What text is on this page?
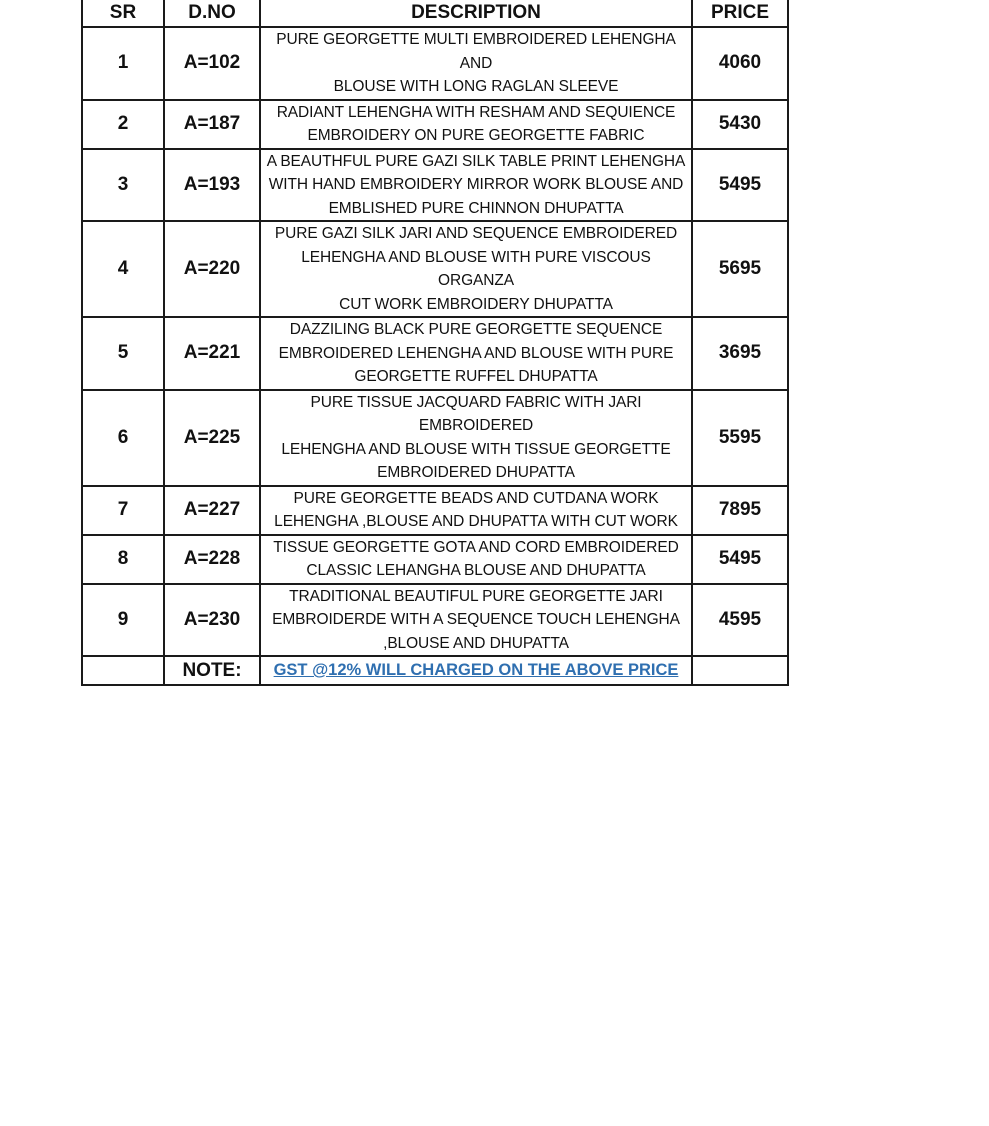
SR	D.NO	DESCRIPTION	PRICE
1	A=102	PURE GEORGETTE MULTI EMBROIDERED LEHENGHA AND
BLOUSE WITH LONG RAGLAN SLEEVE	4060
2	A=187	RADIANT LEHENGHA WITH RESHAM AND SEQUIENCE
EMBROIDERY ON PURE GEORGETTE FABRIC	5430
3	A=193	A BEAUTHFUL PURE GAZI SILK TABLE PRINT LEHENGHA
WITH HAND EMBROIDERY MIRROR WORK BLOUSE AND
EMBLISHED PURE CHINNON DHUPATTA	5495
4	A=220	PURE GAZI SILK JARI AND SEQUENCE EMBROIDERED
LEHENGHA AND BLOUSE WITH PURE VISCOUS ORGANZA
CUT WORK EMBROIDERY DHUPATTA	5695
5	A=221	DAZZILING BLACK PURE GEORGETTE SEQUENCE
EMBROIDERED LEHENGHA AND BLOUSE WITH PURE
GEORGETTE RUFFEL DHUPATTA	3695
6	A=225	PURE TISSUE JACQUARD FABRIC WITH JARI EMBROIDERED
LEHENGHA AND BLOUSE WITH TISSUE GEORGETTE
EMBROIDERED DHUPATTA	5595
7	A=227	PURE GEORGETTE BEADS AND CUTDANA WORK
LEHENGHA ,BLOUSE AND DHUPATTA WITH CUT WORK	7895
8	A=228	TISSUE GEORGETTE GOTA AND CORD EMBROIDERED
CLASSIC LEHANGHA BLOUSE AND DHUPATTA	5495
9	A=230	TRADITIONAL BEAUTIFUL PURE GEORGETTE JARI
EMBROIDERDE WITH A SEQUENCE TOUCH LEHENGHA
,BLOUSE AND DHUPATTA	4595
	NOTE:	GST @12% WILL CHARGED ON THE ABOVE PRICE	
